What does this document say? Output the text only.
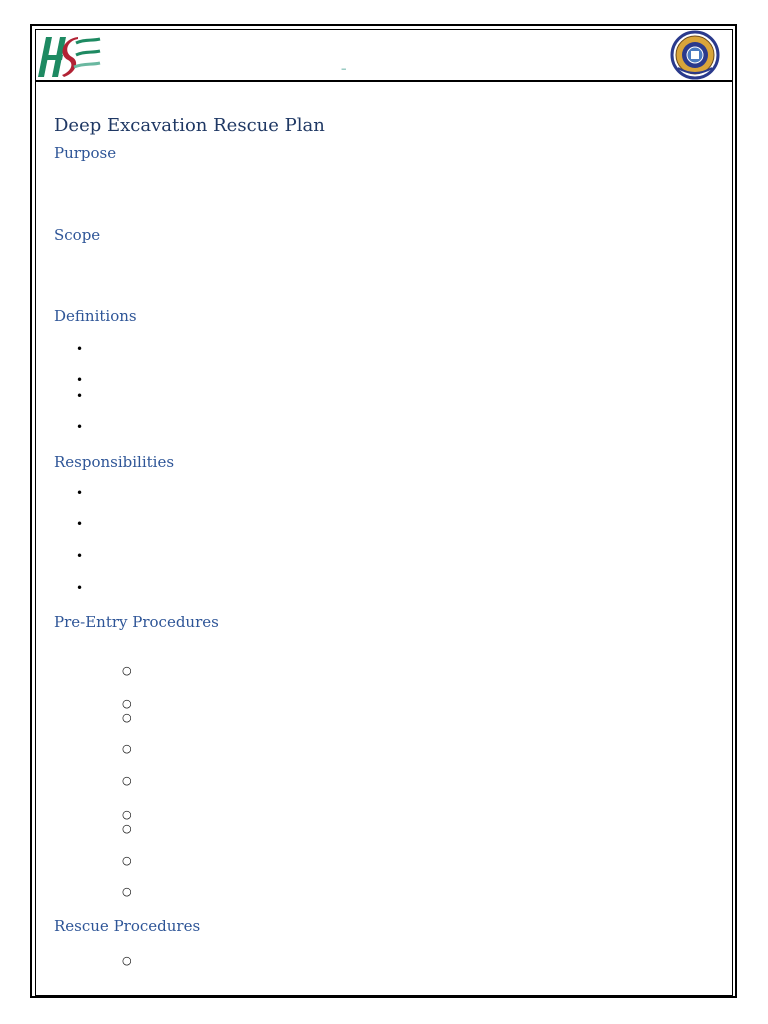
–
Deep Excavation Rescue Plan
Purpose
Scope
Definitions
•
•
•
•
Responsibilities
•
•
•
•
Pre-Entry Procedures
○
○
○
○
○
○
○
○
○
Rescue Procedures
○
